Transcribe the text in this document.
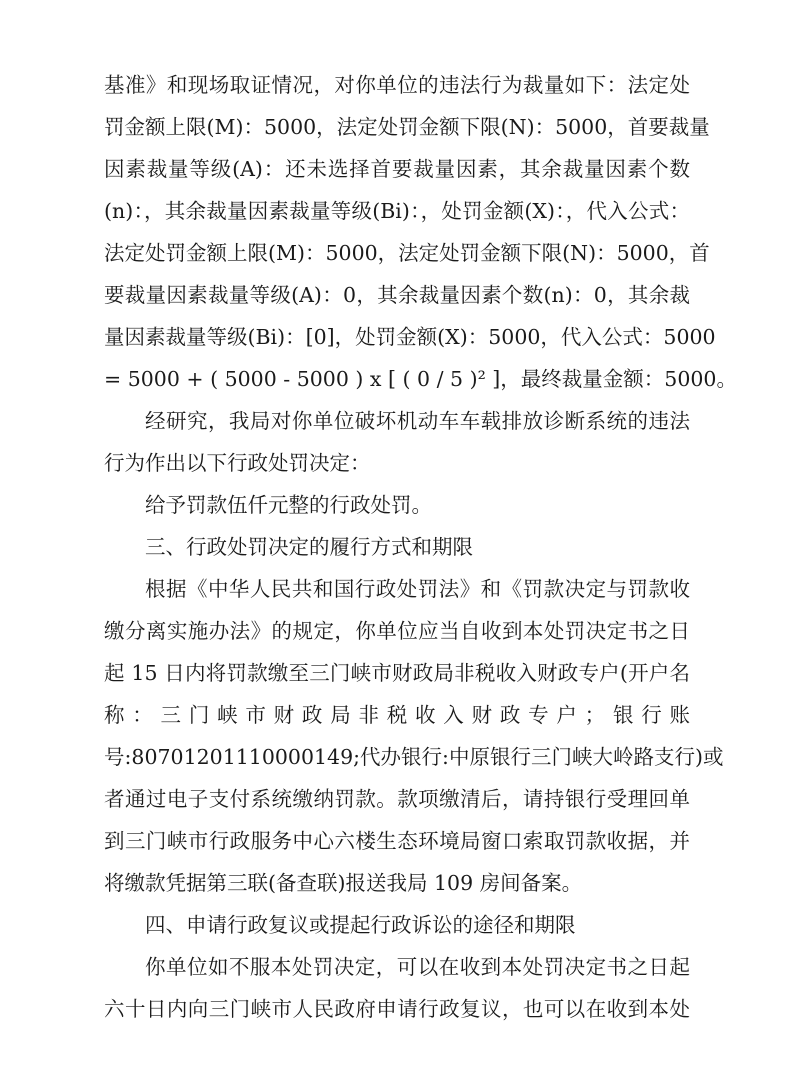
基准》和现场取证情况，对你单位的违法行为裁量如下：法定处
罚金额上限(M)：5000，法定处罚金额下限(N)：5000，首要裁量
因素裁量等级(A)：还未选择首要裁量因素，其余裁量因素个数
(n)：，其余裁量因素裁量等级(Bi)：，处罚金额(X)：，代入公式：
法定处罚金额上限(M)：5000，法定处罚金额下限(N)：5000，首
要裁量因素裁量等级(A)：0，其余裁量因素个数(n)：0，其余裁
量因素裁量等级(Bi)：[0]，处罚金额(X)：5000，代入公式：5000
= 5000 + ( 5000 - 5000 ) x [ ( 0 / 5 )² ]，最终裁量金额：5000。
经研究，我局对你单位破坏机动车车载排放诊断系统的违法
行为作出以下行政处罚决定：
给予罚款伍仟元整的行政处罚。
三、行政处罚决定的履行方式和期限
根据《中华人民共和国行政处罚法》和《罚款决定与罚款收
缴分离实施办法》的规定，你单位应当自收到本处罚决定书之日
起 15 日内将罚款缴至三门峡市财政局非税收入财政专户(开户名
称：三门峡市财政局非税收入财政专户；银行账
号:80701201110000149;代办银行:中原银行三门峡大岭路支行)或
者通过电子支付系统缴纳罚款。款项缴清后，请持银行受理回单
到三门峡市行政服务中心六楼生态环境局窗口索取罚款收据，并
将缴款凭据第三联(备查联)报送我局 109 房间备案。
四、申请行政复议或提起行政诉讼的途径和期限
你单位如不服本处罚决定，可以在收到本处罚决定书之日起
六十日内向三门峡市人民政府申请行政复议，也可以在收到本处
